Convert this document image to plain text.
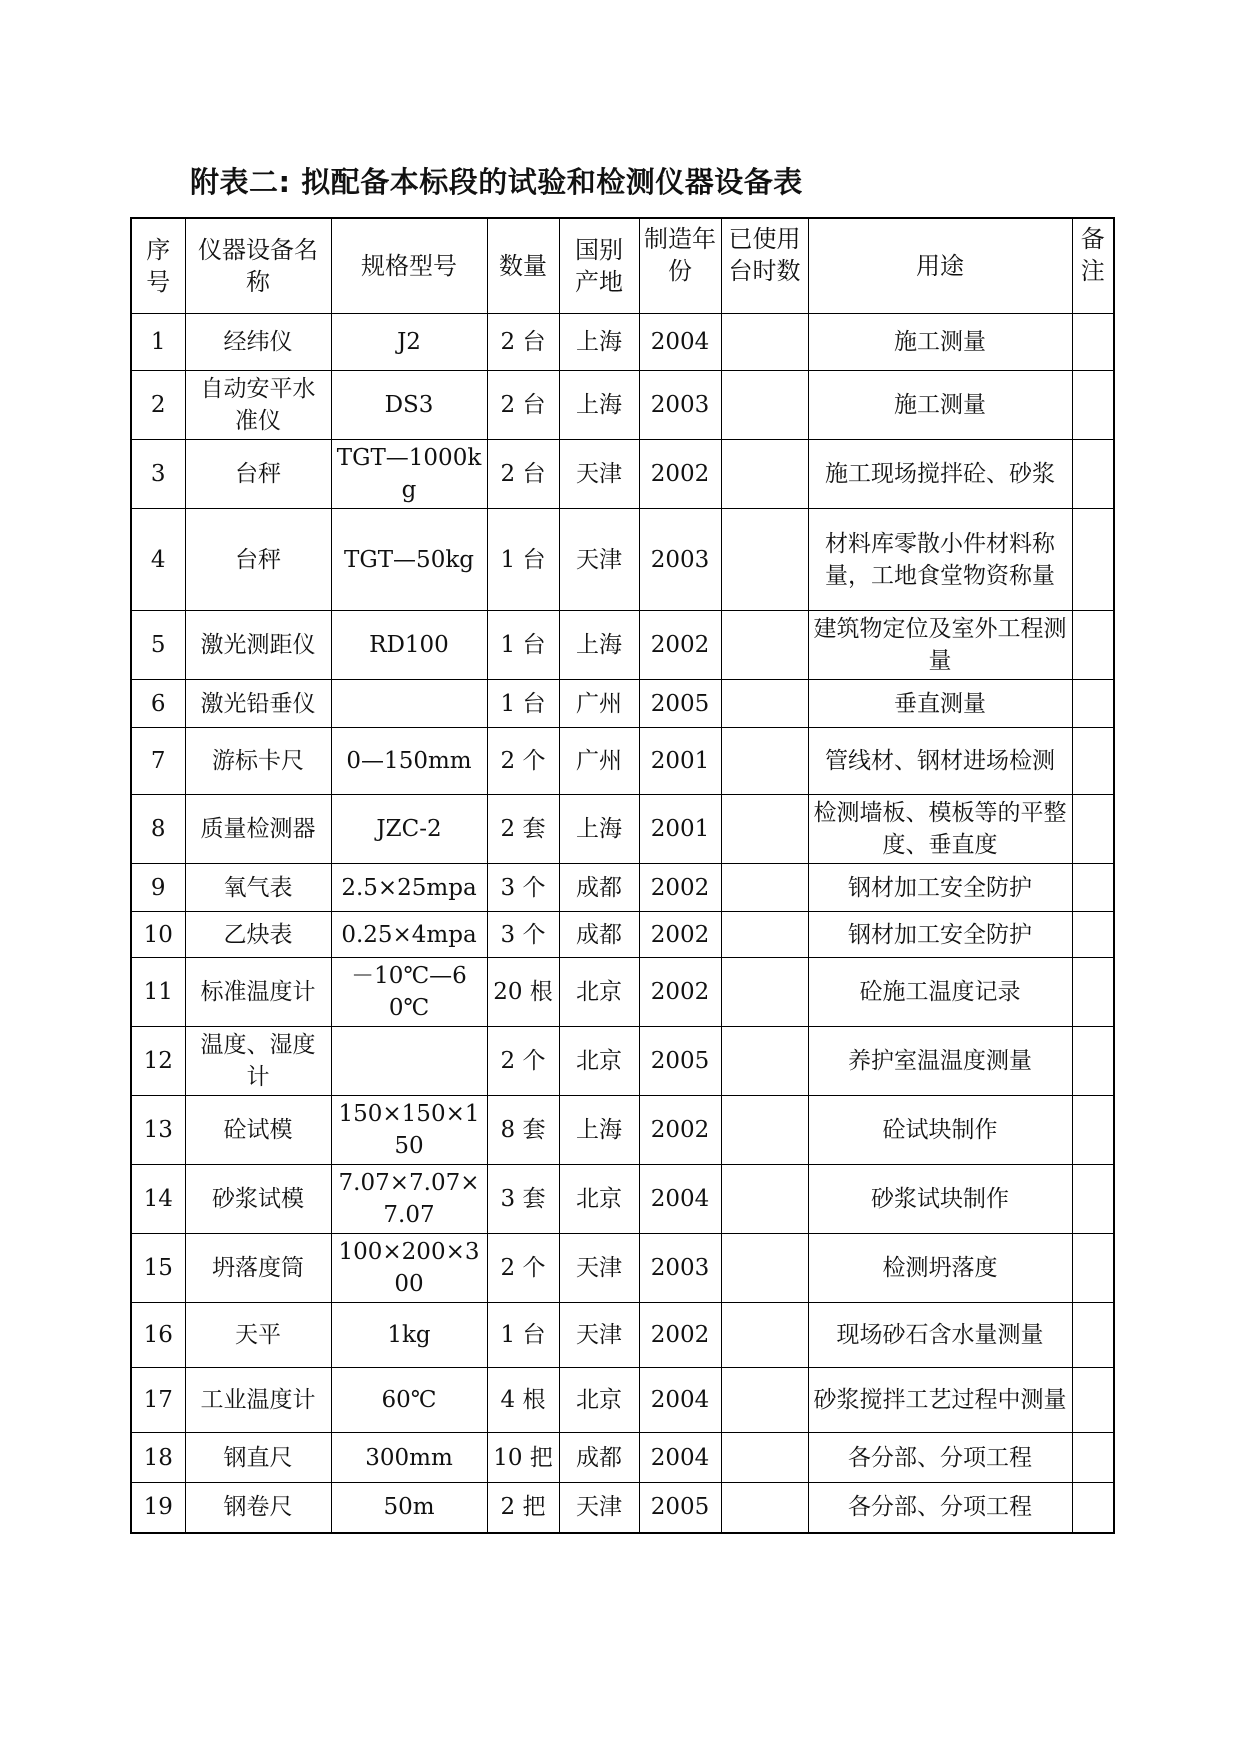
附表二: 拟配备本标段的试验和检测仪器设备表
序号	仪器设备名称	规格型号	数量	国别产地	制造年份	已使用台时数	用途	备注
1	经纬仪	J2	2 台	上海	2004		施工测量	
2	自动安平水准仪	DS3	2 台	上海	2003		施工测量	
3	台秤	TGT—1000kg	2 台	天津	2002		施工现场搅拌砼、砂浆	
4	台秤	TGT—50kg	1 台	天津	2003		材料库零散小件材料称量，工地食堂物资称量	
5	激光测距仪	RD100	1 台	上海	2002		建筑物定位及室外工程测量	
6	激光铅垂仪		1 台	广州	2005		垂直测量	
7	游标卡尺	0—150mm	2 个	广州	2001		管线材、钢材进场检测	
8	质量检测器	JZC-2	2 套	上海	2001		检测墙板、模板等的平整度、垂直度	
9	氧气表	2.5×25mpa	3 个	成都	2002		钢材加工安全防护	
10	乙炔表	0.25×4mpa	3 个	成都	2002		钢材加工安全防护	
11	标准温度计	－10℃—60℃	20 根	北京	2002		砼施工温度记录	
12	温度、湿度计		2 个	北京	2005		养护室温温度测量	
13	砼试模	150×150×150	8 套	上海	2002		砼试块制作	
14	砂浆试模	7.07×7.07×7.07	3 套	北京	2004		砂浆试块制作	
15	坍落度筒	100×200×300	2 个	天津	2003		检测坍落度	
16	天平	1kg	1 台	天津	2002		现场砂石含水量测量	
17	工业温度计	60℃	4 根	北京	2004		砂浆搅拌工艺过程中测量	
18	钢直尺	300mm	10 把	成都	2004		各分部、分项工程	
19	钢卷尺	50m	2 把	天津	2005		各分部、分项工程	
